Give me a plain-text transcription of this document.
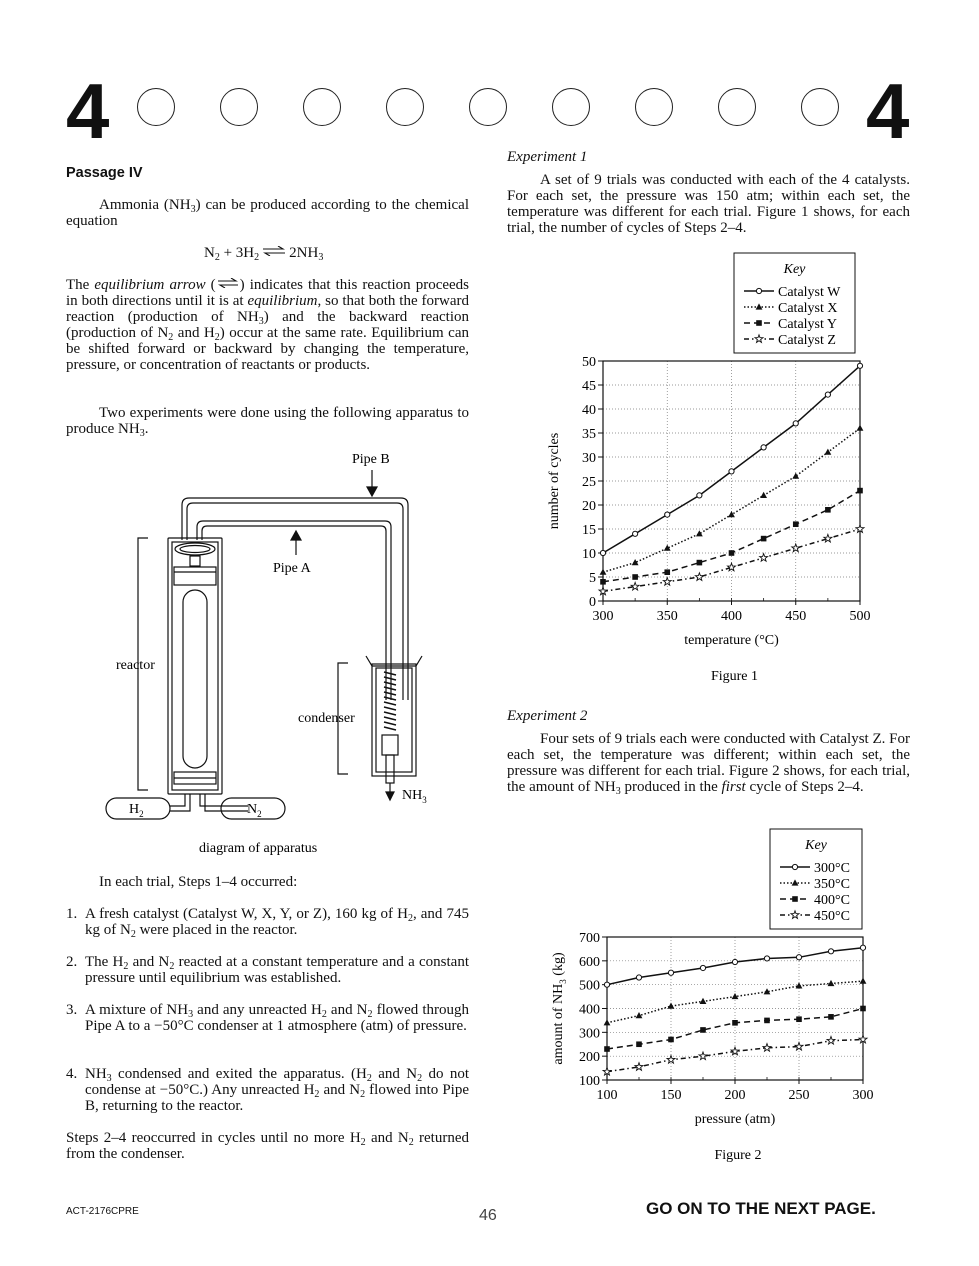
4	4
Passage IV
Ammonia $(NH_3)$ can be produced according to the chemical equation
$N_2 + 3H_2$ ⇌ $2NH_3$
The equilibrium arrow (⇌) indicates that this reaction proceeds in both directions until it is at equilibrium, so that both the forward reaction (production of $NH_3$) and the backward reaction (production of $N_2$ and $H_2$) occur at the same rate. Equilibrium can be shifted forward or backward by changing the temperature, pressure, or concentration of reactants or products.
Two experiments were done using the following apparatus to produce $NH_3$.
Pipe B
Pipe A
reactor
condenser
$H_2$	$N_2$
$NH_3$
diagram of apparatus
In each trial, Steps 1–4 occurred:
1. A fresh catalyst (Catalyst W, X, Y, or Z), 160 kg of $H_2$, and 745 kg of $N_2$ were placed in the reactor.
2. The $H_2$ and $N_2$ reacted at a constant temperature and a constant pressure until equilibrium was established.
3. A mixture of $NH_3$ and any unreacted $H_2$ and $N_2$ flowed through Pipe A to a −50°C condenser at 1 atmosphere (atm) of pressure.
4. $NH_3$ condensed and exited the apparatus. ($H_2$ and $N_2$ do not condense at −50°C.) Any unreacted $H_2$ and $N_2$ flowed into Pipe B, returning to the reactor.
Steps 2–4 reoccurred in cycles until no more $H_2$ and $N_2$ returned from the condenser.
Experiment 1
A set of 9 trials was conducted with each of the 4 catalysts. For each set, the pressure was 150 atm; within each set, the temperature was different for each trial. Figure 1 shows, for each trial, the number of cycles of Steps 2–4.
0
5
10
15
20
25
30
35
40
45
50
300	350	400	450	500
temperature (°C)
number of cycles
Figure 1
Key
Catalyst W
Catalyst X
Catalyst Y
Catalyst Z
Experiment 2
Four sets of 9 trials each were conducted with Catalyst Z. For each set, the temperature was different; within each set, the pressure was different for each trial. Figure 2 shows, for each trial, the amount of $NH_3$ produced in the first cycle of Steps 2–4.
100
200
300
400
500
600
700
100	150	200	250	300
pressure (atm)
amount of $NH_3$ (kg)
Figure 2
Key
300°C
350°C
400°C
450°C
ACT-2176CPRE	46	GO ON TO THE NEXT PAGE.
